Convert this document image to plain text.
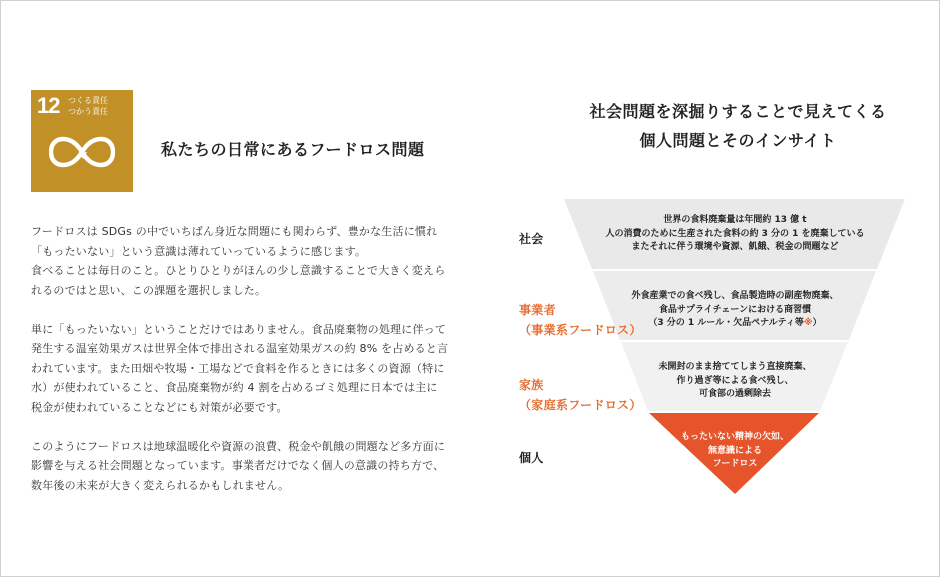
12 つくる責任
つかう責任
私たちの日常にあるフードロス問題

フードロスは SDGs の中でいちばん身近な問題にも関わらず、豊かな生活に慣れ

「もったいない」という意識は薄れていっているように感じます。

食べることは毎日のこと。ひとりひとりがほんの少し意識することで大きく変えら

れるのではと思い、この課題を選択しました。

単に「もったいない」ということだけではありません。食品廃棄物の処理に伴って

発生する温室効果ガスは世界全体で排出される温室効果ガスの約 8% を占めると言

われています。また田畑や牧場・工場などで食料を作るときには多くの資源（特に

水）が使われていること、食品廃棄物が約 4 割を占めるゴミ処理に日本では主に

税金が使われていることなどにも対策が必要です。

このようにフードロスは地球温暖化や資源の浪費、税金や飢餓の問題など多方面に

影響を与える社会問題となっています。事業者だけでなく個人の意識の持ち方で、

数年後の未来が大きく変えられるかもしれません。

社会問題を深掘りすることで見えてくる
個人問題とそのインサイト
社会
事業者
（事業系フードロス）
家族
（家庭系フードロス）
個人
世界の食料廃棄量は年間約 13 億 t
人の消費のために生産された食料の約 3 分の 1 を廃棄している
またそれに伴う環境や資源、飢餓、税金の問題など
外食産業での食べ残し、食品製造時の副産物廃棄、
食品サプライチェーンにおける商習慣
（3 分の 1 ルール・欠品ペナルティ等※）
未開封のまま捨ててしまう直接廃棄、
作り過ぎ等による食べ残し、
可食部の過剰除去
もったいない精神の欠如、
無意識による
フードロス
